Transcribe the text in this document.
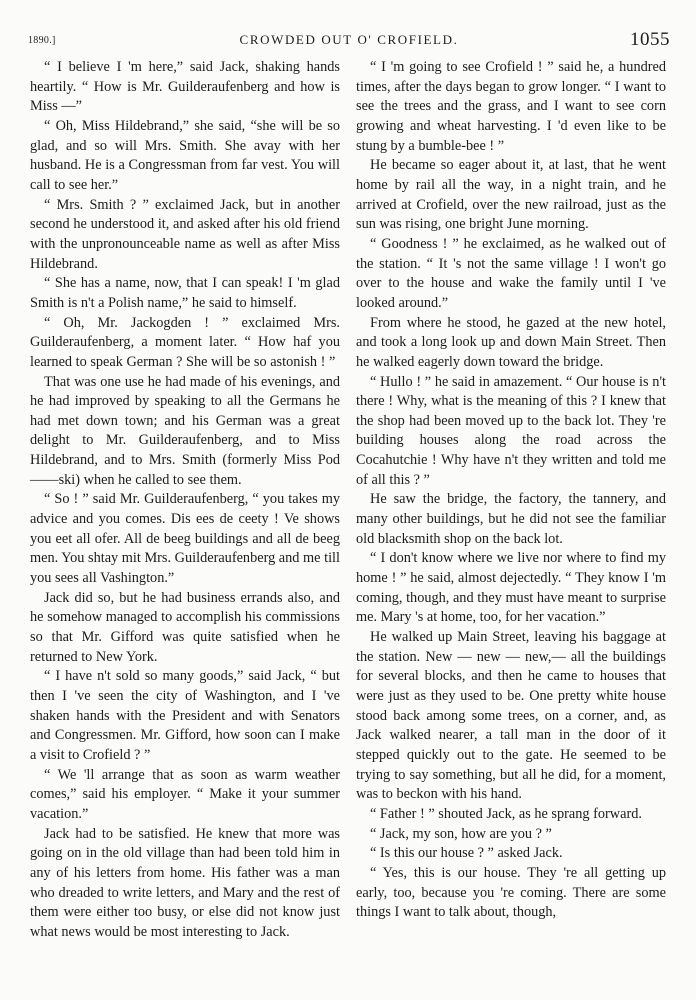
1890.]	CROWDED OUT O' CROFIELD.	1055

“ I believe I 'm here,” said Jack, shaking hands heartily. “ How is Mr. Guilderaufenberg and how is Miss —”

“ Oh, Miss Hildebrand,” she said, “she will be so glad, and so will Mrs. Smith. She avay with her husband. He is a Congressman from far vest. You will call to see her.”

“ Mrs. Smith ? ” exclaimed Jack, but in another second he understood it, and asked after his old friend with the unpronounceable name as well as after Miss Hildebrand.

“ She has a name, now, that I can speak! I 'm glad Smith is n't a Polish name,” he said to himself.

“ Oh, Mr. Jackogden ! ” exclaimed Mrs. Guilderaufenberg, a moment later. “ How haf you learned to speak German ? She will be so astonish ! ”

That was one use he had made of his evenings, and he had improved by speaking to all the Germans he had met down town; and his German was a great delight to Mr. Guilderaufenberg, and to Miss Hildebrand, and to Mrs. Smith (formerly Miss Pod——ski) when he called to see them.

“ So ! ” said Mr. Guilderaufenberg, “ you takes my advice and you comes. Dis ees de ceety ! Ve shows you eet all ofer. All de beeg buildings and all de beeg men. You shtay mit Mrs. Guilderaufenberg and me till you sees all Vashington.”

Jack did so, but he had business errands also, and he somehow managed to accomplish his commissions so that Mr. Gifford was quite satisfied when he returned to New York.

“ I have n't sold so many goods,” said Jack, “ but then I 've seen the city of Washington, and I 've shaken hands with the President and with Senators and Congressmen. Mr. Gifford, how soon can I make a visit to Crofield ? ”

“ We 'll arrange that as soon as warm weather comes,” said his employer. “ Make it your summer vacation.”

Jack had to be satisfied. He knew that more was going on in the old village than had been told him in any of his letters from home. His father was a man who dreaded to write letters, and Mary and the rest of them were either too busy, or else did not know just what news would be most interesting to Jack.

“ I 'm going to see Crofield ! ” said he, a hundred times, after the days began to grow longer. “ I want to see the trees and the grass, and I want to see corn growing and wheat harvesting. I 'd even like to be stung by a bumble-bee ! ”

He became so eager about it, at last, that he went home by rail all the way, in a night train, and he arrived at Crofield, over the new railroad, just as the sun was rising, one bright June morning.

“ Goodness ! ” he exclaimed, as he walked out of the station. “ It 's not the same village ! I won't go over to the house and wake the family until I 've looked around.”

From where he stood, he gazed at the new hotel, and took a long look up and down Main Street. Then he walked eagerly down toward the bridge.

“ Hullo ! ” he said in amazement. “ Our house is n't there ! Why, what is the meaning of this ? I knew that the shop had been moved up to the back lot. They 're building houses along the road across the Cocahutchie ! Why have n't they written and told me of all this ? ”

He saw the bridge, the factory, the tannery, and many other buildings, but he did not see the familiar old blacksmith shop on the back lot.

“ I don't know where we live nor where to find my home ! ” he said, almost dejectedly. “ They know I 'm coming, though, and they must have meant to surprise me. Mary 's at home, too, for her vacation.”

He walked up Main Street, leaving his baggage at the station. New — new — new,— all the buildings for several blocks, and then he came to houses that were just as they used to be. One pretty white house stood back among some trees, on a corner, and, as Jack walked nearer, a tall man in the door of it stepped quickly out to the gate. He seemed to be trying to say something, but all he did, for a moment, was to beckon with his hand.

“ Father ! ” shouted Jack, as he sprang forward.

“ Jack, my son, how are you ? ”

“ Is this our house ? ” asked Jack.

“ Yes, this is our house. They 're all getting up early, too, because you 're coming. There are some things I want to talk about, though,
